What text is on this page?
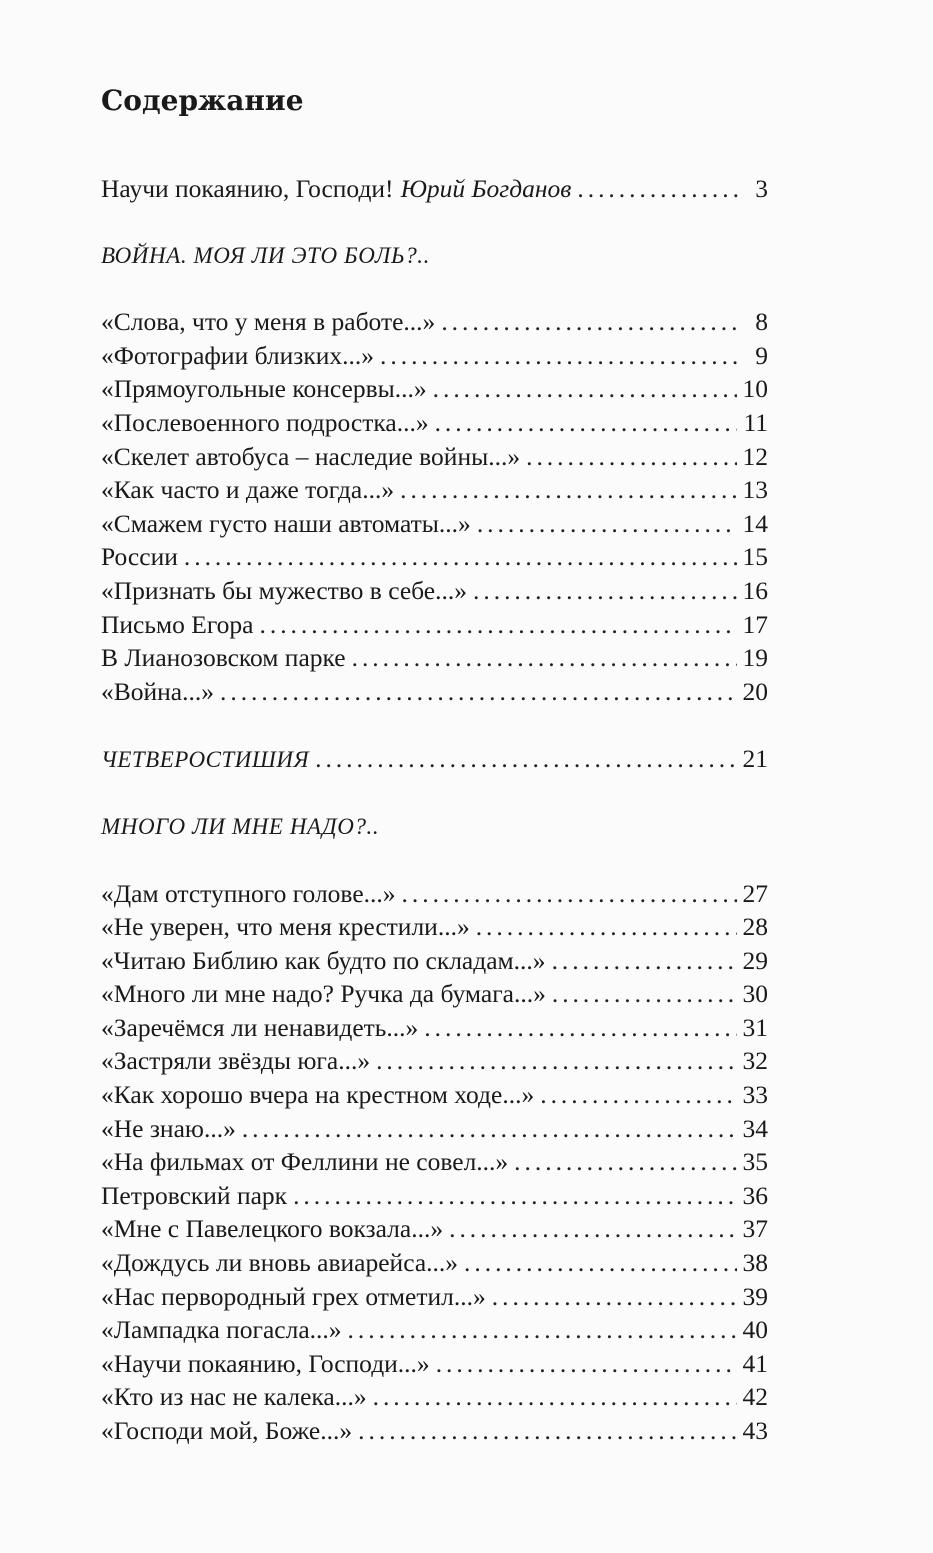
Содержание
Научи покаянию, Господи! Юрий Богданов . . .	3
ВОЙНА. МОЯ ЛИ ЭТО БОЛЬ?..
«Слова, что у меня в работе...» . . .	8
«Фотографии близких...» . . .	9
«Прямоугольные консервы...» . . .	10
«Послевоенного подростка...» . . .	11
«Скелет автобуса – наследие войны...» . . .	12
«Как часто и даже тогда...» . . .	13
«Смажем густо наши автоматы...» . . .	14
России . . .	15
«Признать бы мужество в себе...» . . .	16
Письмо Егора . . .	17
В Лианозовском парке . . .	19
«Война...» . . .	20
ЧЕТВЕРОСТИШИЯ . . .	21
МНОГО ЛИ МНЕ НАДО?..
«Дам отступного голове...» . . .	27
«Не уверен, что меня крестили...» . . .	28
«Читаю Библию как будто по складам...» . . .	29
«Много ли мне надо? Ручка да бумага...» . . .	30
«Заречёмся ли ненавидеть...» . . .	31
«Застряли звёзды юга...» . . .	32
«Как хорошо вчера на крестном ходе...» . . .	33
«Не знаю...» . . .	34
«На фильмах от Феллини не совел...» . . .	35
Петровский парк . . .	36
«Мне с Павелецкого вокзала...» . . .	37
«Дождусь ли вновь авиарейса...» . . .	38
«Нас первородный грех отметил...» . . .	39
«Лампадка погасла...» . . .	40
«Научи покаянию, Господи...» . . .	41
«Кто из нас не калека...» . . .	42
«Господи мой, Боже...» . . .	43
